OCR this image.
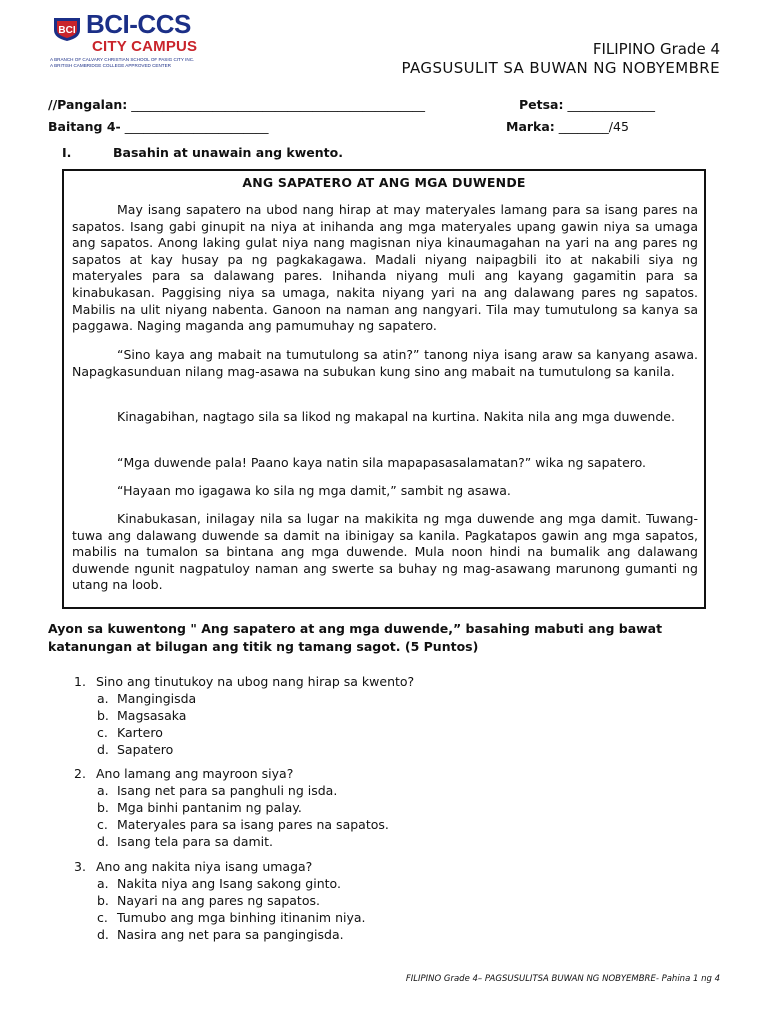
BCI BCI-CCS
CITY CAMPUS
A BRANCH OF CALVARY CHRISTIAN SCHOOL OF PASIG CITY INC.
A BRITISH CAMBRIDGE COLLEGE APPROVED CENTER
FILIPINO Grade 4
PAGSUSULIT SA BUWAN NG NOBYEMBRE
//Pangalan: _______________________________________________	Petsa: ______________
Baitang 4- _______________________	Marka: ________/45
I.	Basahin at unawain ang kwento.
ANG SAPATERO AT ANG MGA DUWENDE
May isang sapatero na ubod nang hirap at may materyales lamang para sa isang pares na sapatos. Isang gabi ginupit na niya at inihanda ang mga materyales upang gawin niya sa umaga ang sapatos. Anong laking gulat niya nang magisnan niya kinaumagahan na yari na ang pares ng sapatos at kay husay pa ng pagkakagawa. Madali niyang naipagbili ito at nakabili siya ng materyales para sa dalawang pares. Inihanda niyang muli ang kayang gagamitin para sa kinabukasan. Paggising niya sa umaga, nakita niyang yari na ang dalawang pares ng sapatos. Mabilis na ulit niyang nabenta. Ganoon na naman ang nangyari. Tila may tumutulong sa kanya sa paggawa. Naging maganda ang pamumuhay ng sapatero.
“Sino kaya ang mabait na tumutulong sa atin?” tanong niya isang araw sa kanyang asawa. Napagkasunduan nilang mag-asawa na subukan kung sino ang mabait na tumutulong sa kanila.
Kinagabihan, nagtago sila sa likod ng makapal na kurtina. Nakita nila ang mga duwende.
“Mga duwende pala! Paano kaya natin sila mapapasasalamatan?” wika ng sapatero.
“Hayaan mo igagawa ko sila ng mga damit,” sambit ng asawa.
Kinabukasan, inilagay nila sa lugar na makikita ng mga duwende ang mga damit. Tuwang-tuwa ang dalawang duwende sa damit na ibinigay sa kanila. Pagkatapos gawin ang mga sapatos, mabilis na tumalon sa bintana ang mga duwende. Mula noon hindi na bumalik ang dalawang duwende ngunit nagpatuloy naman ang swerte sa buhay ng mag-asawang marunong gumanti ng utang na loob.
Ayon sa kuwentong " Ang sapatero at ang mga duwende,” basahing mabuti ang bawat katanungan at bilugan ang titik ng tamang sagot. (5 Puntos)
1. Sino ang tinutukoy na ubog nang hirap sa kwento?
a. Mangingisda
b. Magsasaka
c. Kartero
d. Sapatero
2. Ano lamang ang mayroon siya?
a. Isang net para sa panghuli ng isda.
b. Mga binhi pantanim ng palay.
c. Materyales para sa isang pares na sapatos.
d. Isang tela para sa damit.
3. Ano ang nakita niya isang umaga?
a. Nakita niya ang Isang sakong ginto.
b. Nayari na ang pares ng sapatos.
c. Tumubo ang mga binhing itinanim niya.
d. Nasira ang net para sa pangingisda.
FILIPINO Grade 4– PAGSUSULITSA BUWAN NG NOBYEMBRE- Pahina 1 ng 4
